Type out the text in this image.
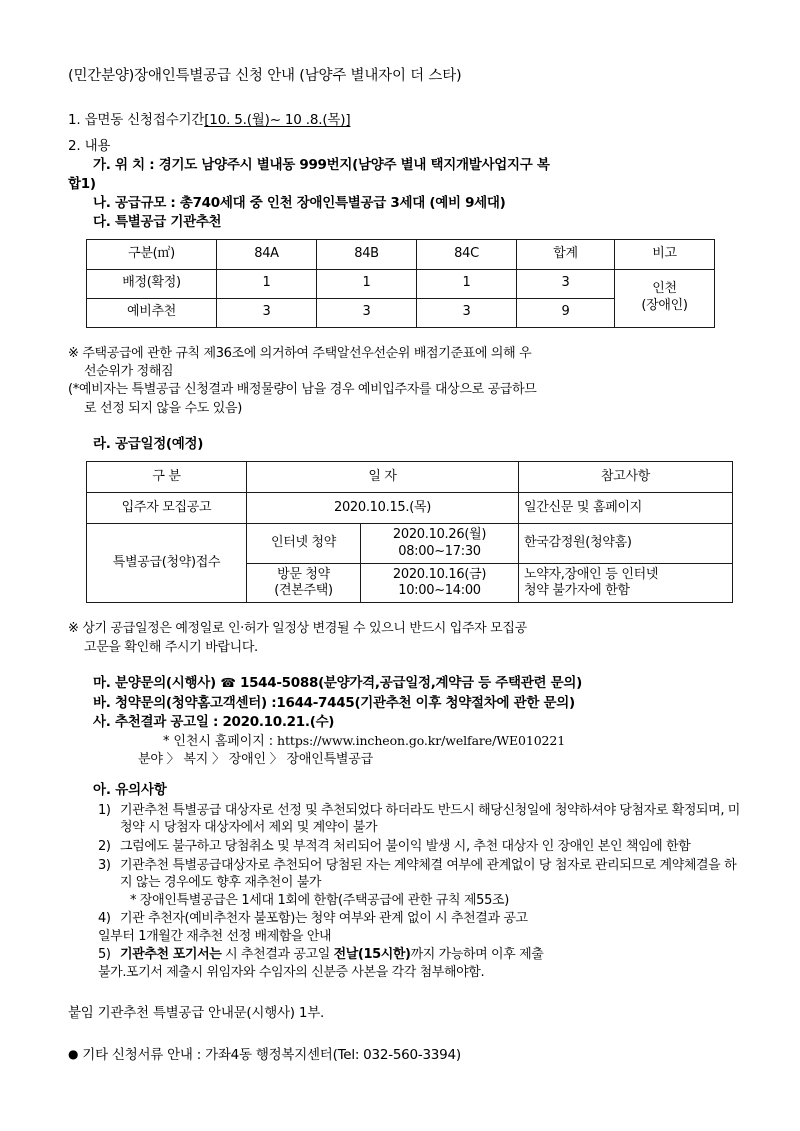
(민간분양)장애인특별공급 신청 안내 (남양주 별내자이 더 스타)

1. 읍면동 신청접수기간[10. 5.(월)~ 10 .8.(목)]

2. 내용

가. 위 치 : 경기도 남양주시 별내동 999번지(남양주 별내 택지개발사업지구 복

합1)

나. 공급규모 : 총740세대 중 인천 장애인특별공급 3세대 (예비 9세대)

다. 특별공급 기관추천

구분(㎡)	84A	84B	84C	합계	비고
배정(확정)	1	1	1	3	인천
(장애인)
예비추천	3	3	3	9	

※ 주택공급에 관한 규칙 제36조에 의거하여 주택알선우선순위 배점기준표에 의해 우

선순위가 정해짐

(*예비자는 특별공급 신청결과 배정물량이 남을 경우 예비입주자를 대상으로 공급하므

로 선정 되지 않을 수도 있음)

라. 공급일정(예정)

구 분	일 자		참고사항
입주자 모집공고	2020.10.15.(목)		일간신문 및 홈페이지
특별공급(청약)접수	인터넷 청약	2020.10.26(월)
08:00~17:30	한국감정원(청약홈)
	방문 청약
(견본주택)	2020.10.16(금)
10:00~14:00	노약자,장애인 등 인터넷
청약 불가자에 한함

※ 상기 공급일정은 예정일로 인·허가 일정상 변경될 수 있으니 반드시 입주자 모집공

고문을 확인해 주시기 바랍니다.

마. 분양문의(시행사) ☎ 1544-5088(분양가격,공급일정,계약금 등 주택관련 문의)
바. 청약문의(청약홈고객센터) :1644-7445(기관추천 이후 청약절차에 관한 문의)
사. 추천결과 공고일 : 2020.10.21.(수)

* 인천시 홈페이지 : https://www.incheon.go.kr/welfare/WE010221

분야 〉 복지 〉 장애인 〉 장애인특별공급

아. 유의사항

1) 기관추천 특별공급 대상자로 선정 및 추천되었다 하더라도 반드시 해당신청일에 청약하셔야 당첨자로 확정되며, 미청약 시 당첨자 대상자에서 제외 및 계약이 불가
2) 그럼에도 불구하고 당첨취소 및 부적격 처리되어 불이익 발생 시, 추천 대상자 인 장애인 본인 책임에 한함
3) 기관추천 특별공급대상자로 추천되어 당첨된 자는 계약체결 여부에 관계없이 당 첨자로 관리되므로 계약체결을 하지 않는 경우에도 향후 재추천이 불가
* 장애인특별공급은 1세대 1회에 한함(주택공급에 관한 규칙 제55조)
4) 기관 추천자(예비추천자 불포함)는 청약 여부와 관계 없이 시 추천결과 공고
일부터 1개월간 재추천 선정 배제함을 안내
5) 기관추천 포기서는 시 추천결과 공고일 전날(15시한)까지 가능하며 이후 제출
불가.포기서 제출시 위임자와 수임자의 신분증 사본을 각각 첨부해야함.

붙임 기관추천 특별공급 안내문(시행사) 1부.

● 기타 신청서류 안내 : 가좌4동 행정복지센터(Tel: 032-560-3394)
